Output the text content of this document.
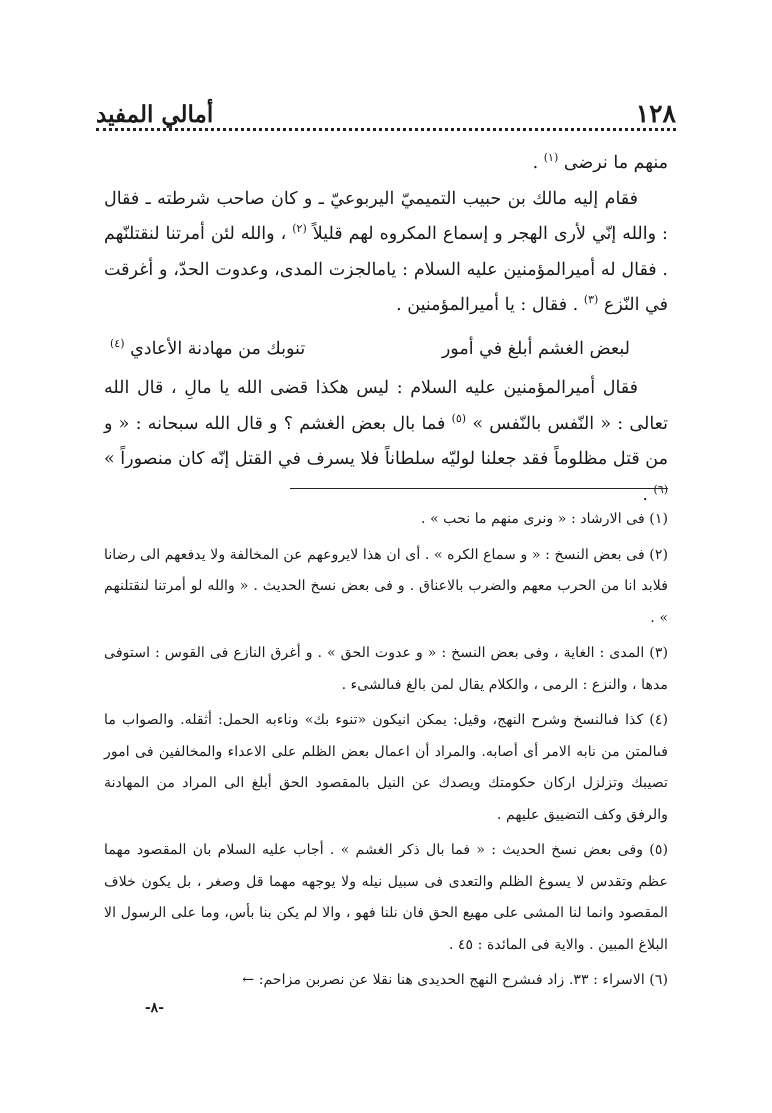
١٢٨
أمالي المفيد

منهم ما نرضى $^{(١)}$ .

فقام إليه مالك بن حبيب التميميّ اليربوعيّ ـ و كان صاحب شرطته ـ فقال : والله إنّي لأرى الهجر و إسماع المكروه لهم قليلاً $^{(٢)}$ ، والله لئن أمرتنا لنقتلنّهم . فقال له أميرالمؤمنين عليه السلام : يامالجزت المدى، وعدوت الحدّ، و أغرقت في النّزع $^{(٣)}$ . فقال : يا أميرالمؤمنين .

لبعض الغشم أبلغ في أمور
تنوبك من مهادنة الأعادي $^{(٤)}$

فقال أميرالمؤمنين عليه السلام : ليس هكذا قضى الله يا مالِ ، قال الله تعالى : « النّفس بالنّفس » $^{(٥)}$ فما بال بعض الغشم ؟ و قال الله سبحانه : « و من قتل مظلوماً فقد جعلنا لوليّه سلطاناً فلا يسرف في القتل إنّه كان منصوراً » $^{(٦)}$ .

(١) فى الارشاد : « ونرى منهم ما نحب » .

(٢) فى بعض النسخ : « و سماع الكره » . أى ان هذا لايروعهم عن المخالفة ولا يدفعهم الى رضانا فلابد انا من الحرب معهم والضرب بالاعناق . و فى بعض نسخ الحديث . « والله لو أمرتنا لنقتلنهم » .

(٣) المدى : الغاية ، وفى بعض النسخ : « و عدوت الحق » . و أغرق النازع فى القوس : استوفى مدها ، والنزع : الرمى ، والكلام يقال لمن بالغ فىالشىء .

(٤) كذا فىالنسخ وشرح النهج، وقيل: يمكن انيكون «تنوء بك» وناءبه الحمل: أثقله. والصواب ما فىالمتن من نابه الامر أى أصابه. والمراد أن اعمال بعض الظلم على الاعداء والمخالفين فى امور تصيبك وتزلزل اركان حكومتك ويصدك عن النيل بالمقصود الحق أبلغ الى المراد من المهادنة والرفق وكف التضييق عليهم .

(٥) وفى بعض نسخ الحديث : « فما بال ذكر الغشم » . أجاب عليه السلام بان المقصود مهما عظم وتقدس لا يسوغ الظلم والتعدى فى سبيل نيله ولا يوجهه مهما قل وصغر ، بل يكون خلاف المقصود وانما لنا المشى على مهيع الحق فان نلنا فهو ، والا لم يكن بنا بأس، وما على الرسول الا البلاغ المبين . والاية فى المائدة : ٤٥ .

(٦) الاسراء : ٣٣. زاد فىشرح النهج الحديدى هنا نقلا عن نصربن مزاحم: ←

-٨-
